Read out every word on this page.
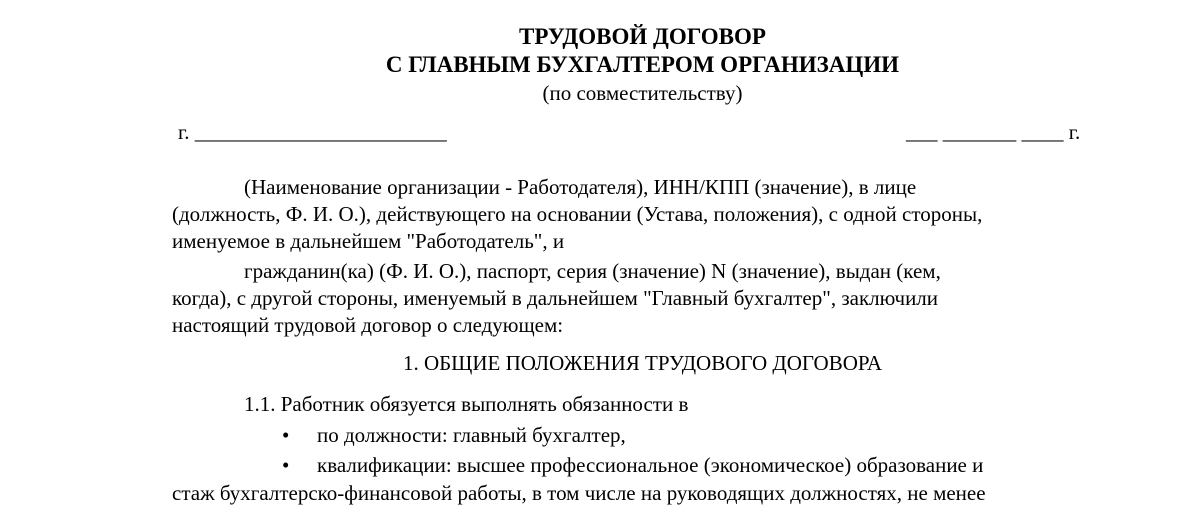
ТРУДОВОЙ ДОГОВОР
С ГЛАВНЫМ БУХГАЛТЕРОМ ОРГАНИЗАЦИИ
(по совместительству)
г. ________________________	___ _______ ____ г.
(Наименование организации - Работодателя), ИНН/КПП (значение), в лице
(должность, Ф. И. О.), действующего на основании (Устава, положения), с одной стороны,
именуемое в дальнейшем "Работодатель", и
гражданин(ка) (Ф. И. О.), паспорт, серия (значение) N (значение), выдан (кем,
когда), с другой стороны, именуемый в дальнейшем "Главный бухгалтер", заключили
настоящий трудовой договор о следующем:
1. ОБЩИЕ ПОЛОЖЕНИЯ ТРУДОВОГО ДОГОВОРА
1.1. Работник обязуется выполнять обязанности в
• по должности: главный бухгалтер,
• квалификации: высшее профессиональное (экономическое) образование и
стаж бухгалтерско-финансовой работы, в том числе на руководящих должностях, не менее
